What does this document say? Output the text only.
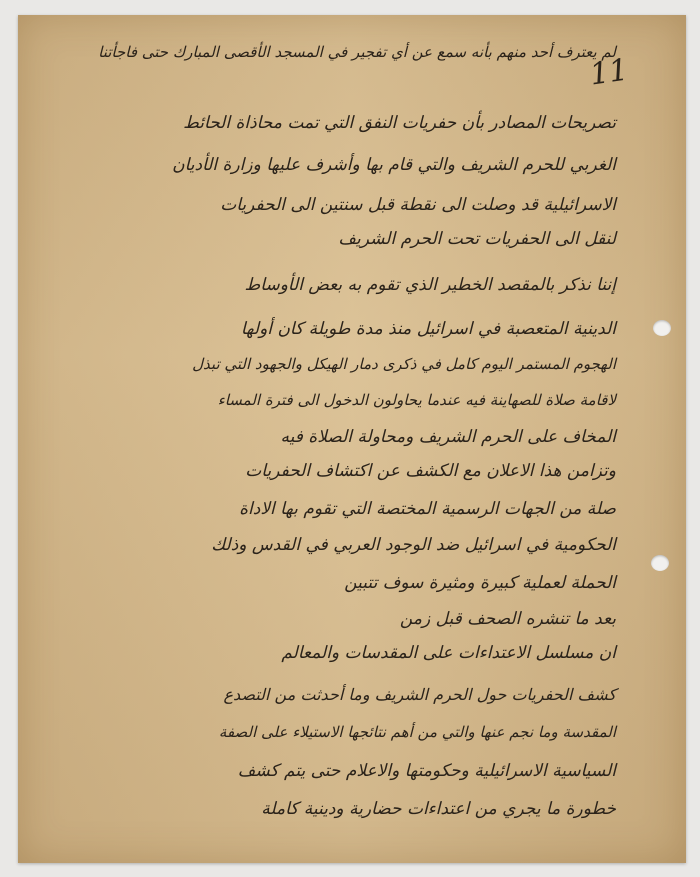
11
لم يعترف أحد منهم بأنه سمع عن أي تفجير في المسجد الأقصى المبارك حتى فاجأتنا
تصريحات المصادر بأن حفريات النفق التي تمت محاذاة الحائط
الغربي للحرم الشريف والتي قام بها وأشرف عليها وزارة الأديان
الاسرائيلية قد وصلت الى نقطة قبل سنتين الى الحفريات
لنقل الى الحفريات تحت الحرم الشريف
إننا نذكر بالمقصد الخطير الذي تقوم به بعض الأوساط
الدينية المتعصبة في اسرائيل منذ مدة طويلة كان أولها
الهجوم المستمر اليوم كامل في ذكرى دمار الهيكل والجهود التي تبذل
لاقامة صلاة للصهاينة فيه عندما يحاولون الدخول الى فترة المساء
المخاف على الحرم الشريف ومحاولة الصلاة فيه
وتزامن هذا الاعلان مع الكشف عن اكتشاف الحفريات
صلة من الجهات الرسمية المختصة التي تقوم بها الاداة
الحكومية في اسرائيل ضد الوجود العربي في القدس وذلك
الحملة لعملية كبيرة ومثيرة سوف تتبين
بعد ما تنشره الصحف قبل زمن
ان مسلسل الاعتداءات على المقدسات والمعالم
كشف الحفريات حول الحرم الشريف وما أحدثت من التصدع
المقدسة وما نجم عنها والتي من أهم نتائجها الاستيلاء على الصفة
السياسية الاسرائيلية وحكومتها والاعلام حتى يتم كشف
خطورة ما يجري من اعتداءات حضارية ودينية كاملة
